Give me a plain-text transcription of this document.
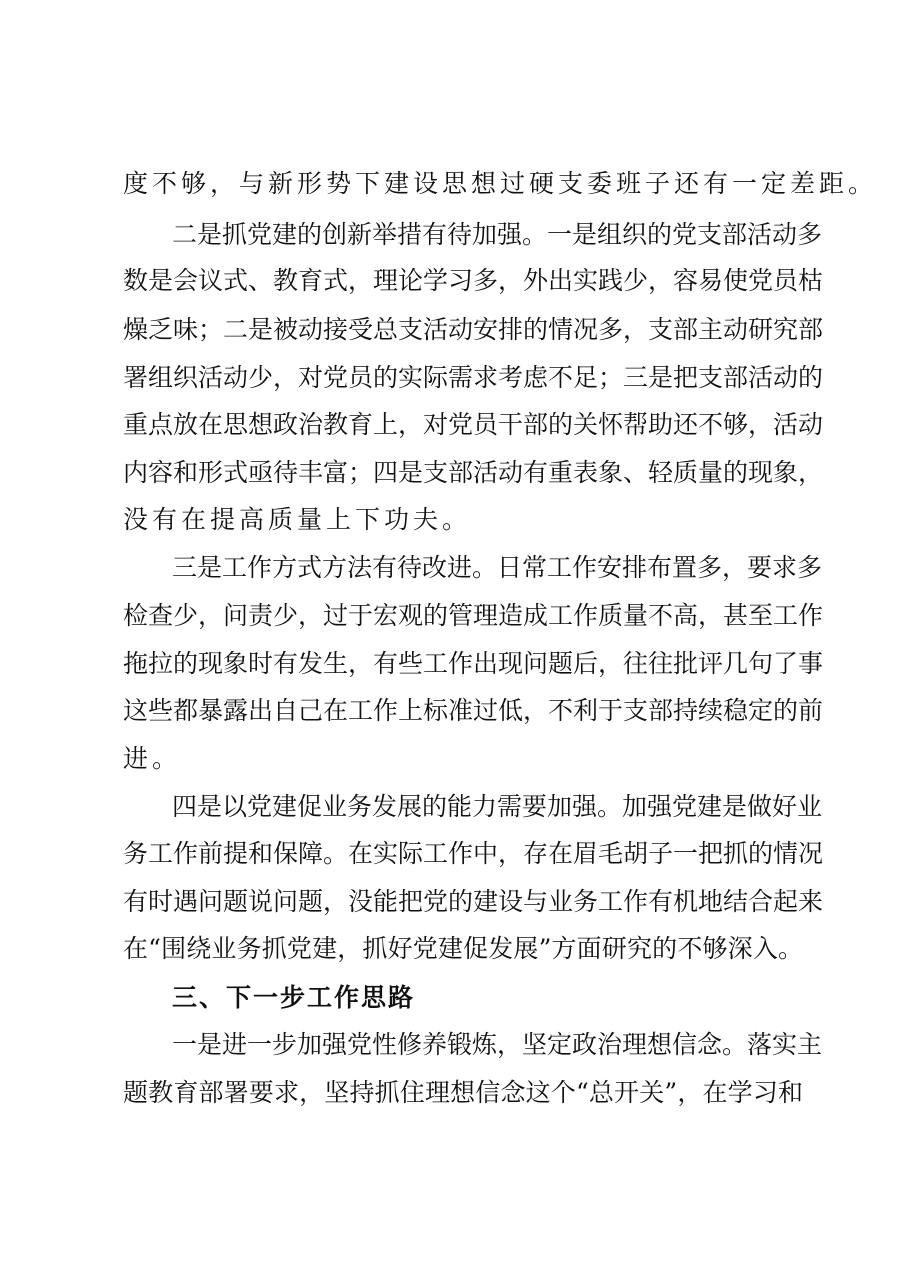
度不够，与新形势下建设思想过硬支委班子还有一定差距。
二是抓党建的创新举措有待加强。一是组织的党支部活动多
数是会议式、教育式，理论学习多，外出实践少，容易使党员枯
燥乏味；二是被动接受总支活动安排的情况多，支部主动研究部
署组织活动少，对党员的实际需求考虑不足；三是把支部活动的
重点放在思想政治教育上，对党员干部的关怀帮助还不够，活动
内容和形式亟待丰富；四是支部活动有重表象、轻质量的现象，
没有在提高质量上下功夫。
三是工作方式方法有待改进。日常工作安排布置多，要求多
检查少，问责少，过于宏观的管理造成工作质量不高，甚至工作
拖拉的现象时有发生，有些工作出现问题后，往往批评几句了事
这些都暴露出自己在工作上标准过低，不利于支部持续稳定的前
进。
四是以党建促业务发展的能力需要加强。加强党建是做好业
务工作前提和保障。在实际工作中，存在眉毛胡子一把抓的情况
有时遇问题说问题，没能把党的建设与业务工作有机地结合起来
在“围绕业务抓党建，抓好党建促发展”方面研究的不够深入。
三、下一步工作思路
一是进一步加强党性修养锻炼，坚定政治理想信念。落实主
题教育部署要求，坚持抓住理想信念这个“总开关”，在学习和
